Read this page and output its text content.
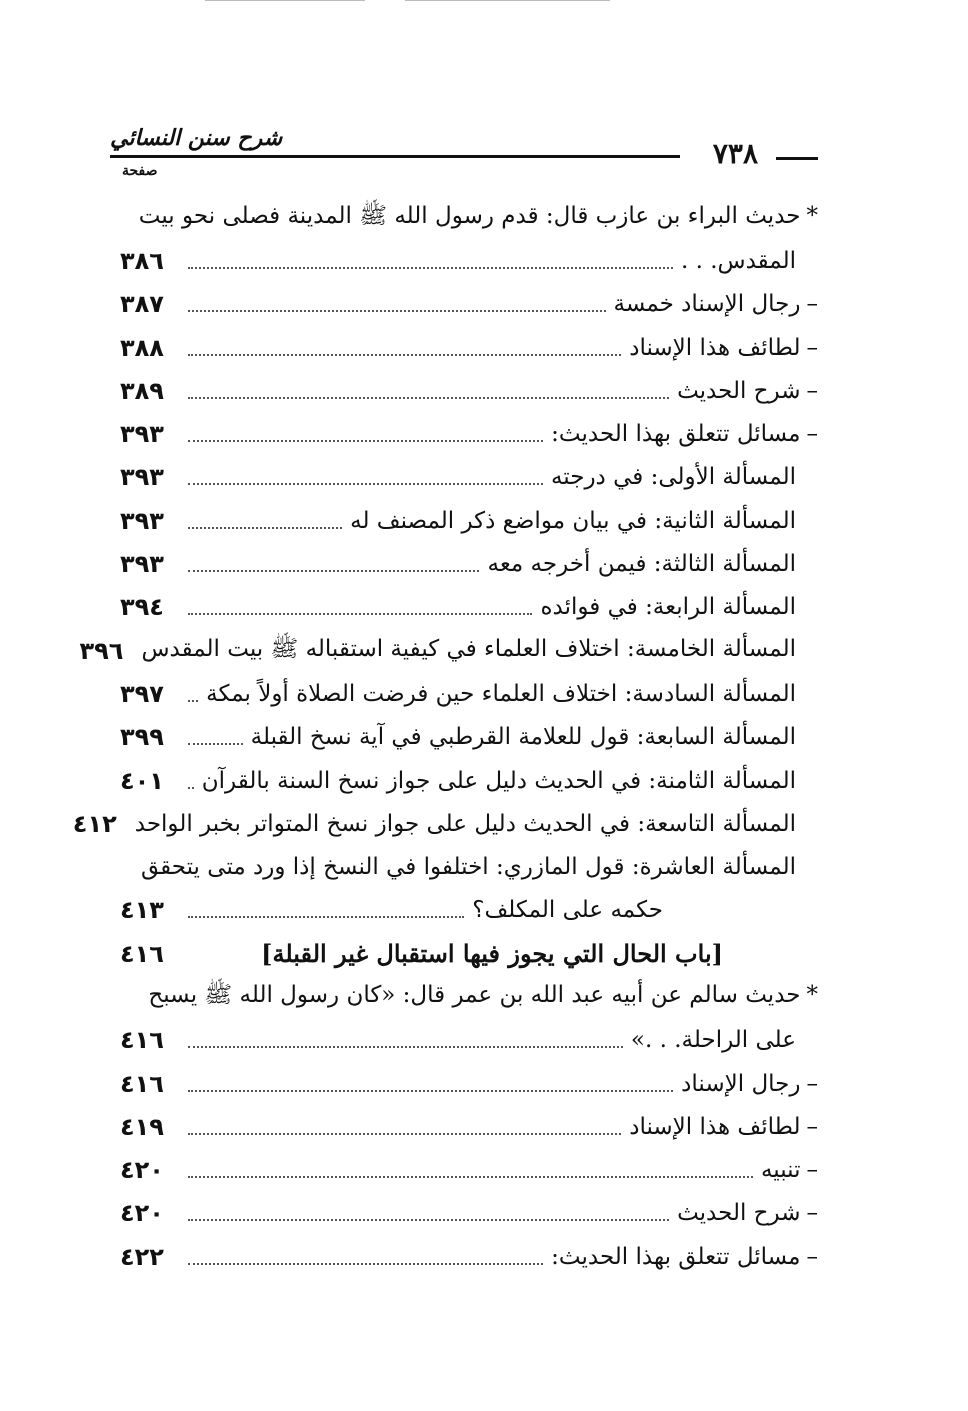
شرح سنن النسائي	٧٣٨
صفحة
*حديث البراء بن عازب قال: قدم رسول الله ﷺ المدينة فصلى نحو بيت
المقدس. . .
٣٨٦
–رجال الإسناد خمسة
٣٨٧
–لطائف هذا الإسناد
٣٨٨
–شرح الحديث
٣٨٩
–مسائل تتعلق بهذا الحديث:
٣٩٣
المسألة الأولى: في درجته
٣٩٣
المسألة الثانية: في بيان مواضع ذكر المصنف له
٣٩٣
المسألة الثالثة: فيمن أخرجه معه
٣٩٣
المسألة الرابعة: في فوائده
٣٩٤
المسألة الخامسة: اختلاف العلماء في كيفية استقباله ﷺ بيت المقدس
٣٩٦
المسألة السادسة: اختلاف العلماء حين فرضت الصلاة أولاً بمكة
٣٩٧
المسألة السابعة: قول للعلامة القرطبي في آية نسخ القبلة
٣٩٩
المسألة الثامنة: في الحديث دليل على جواز نسخ السنة بالقرآن
٤٠١
المسألة التاسعة: في الحديث دليل على جواز نسخ المتواتر بخبر الواحد
٤١٢
المسألة العاشرة: قول المازري: اختلفوا في النسخ إذا ورد متى يتحقق
حكمه على المكلف؟
٤١٣
[باب الحال التي يجوز فيها استقبال غير القبلة]
٤١٦
*حديث سالم عن أبيه عبد الله بن عمر قال: «كان رسول الله ﷺ يسبح
على الراحلة. . .»
٤١٦
–رجال الإسناد
٤١٦
–لطائف هذا الإسناد
٤١٩
–تنبيه
٤٢٠
–شرح الحديث
٤٢٠
–مسائل تتعلق بهذا الحديث:
٤٢٢
